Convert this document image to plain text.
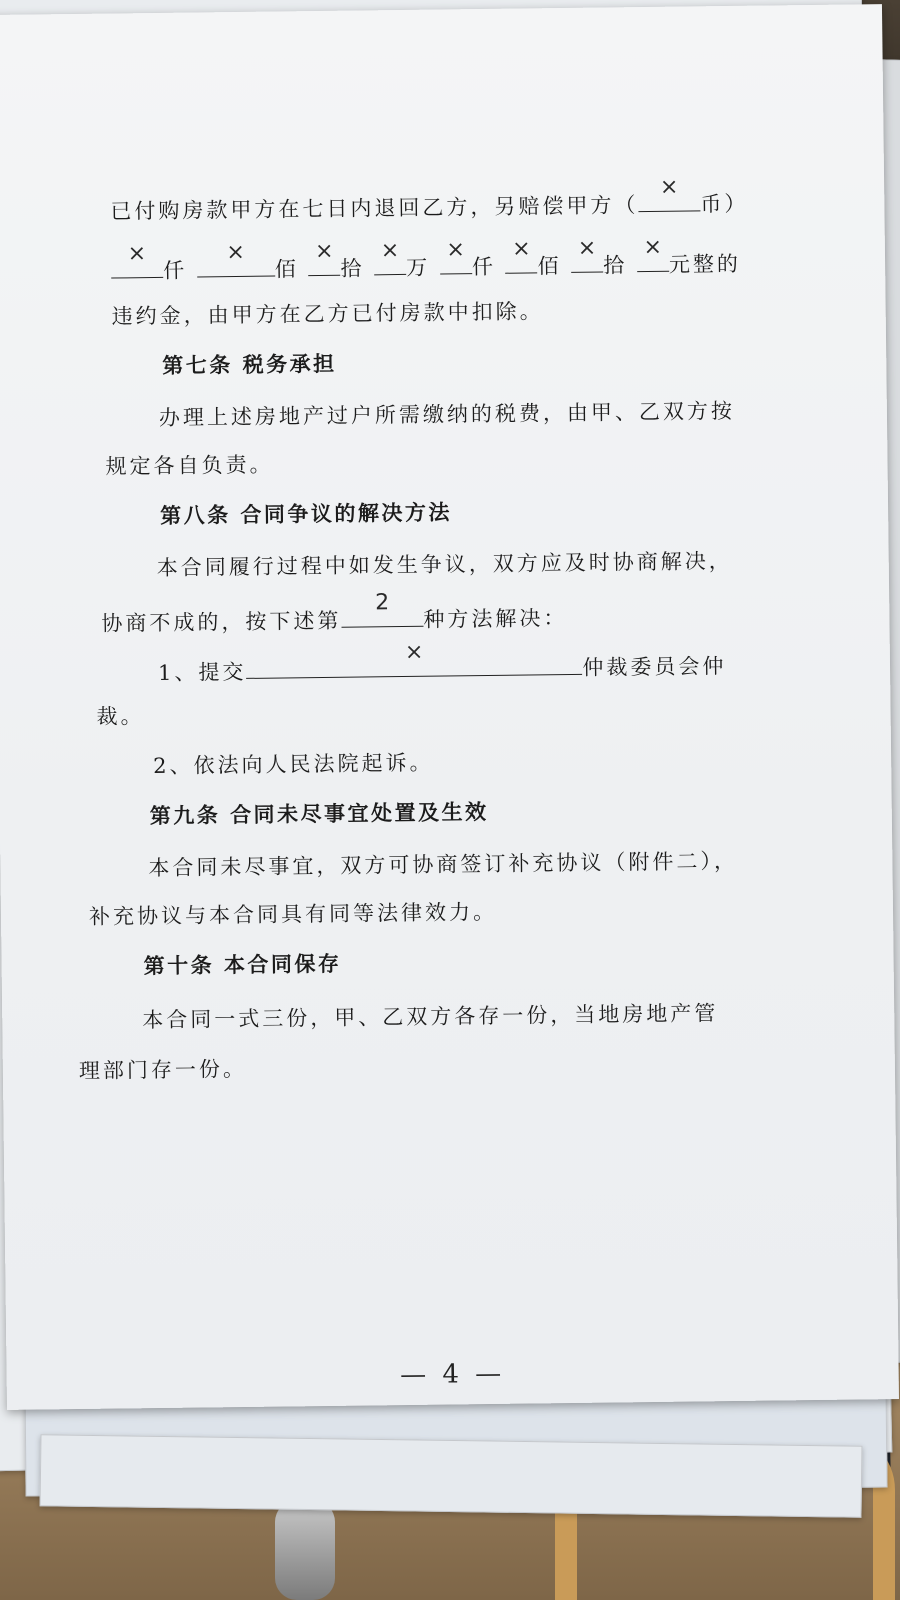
已付购房款甲方在七日内退回乙方，另赔偿甲方（
×
币）
×
仟
×
佰
×
拾
×
万
×
仟
×
佰
×
拾
×
元整的
违约金，由甲方在乙方已付房款中扣除。
第七条 税务承担
办理上述房地产过户所需缴纳的税费，由甲、乙双方按
规定各自负责。
第八条 合同争议的解决方法
本合同履行过程中如发生争议，双方应及时协商解决，
协商不成的，按下述第
2
种方法解决：
1、提交
×
仲裁委员会仲
裁。
2、依法向人民法院起诉。
第九条 合同未尽事宜处置及生效
本合同未尽事宜，双方可协商签订补充协议（附件二），
补充协议与本合同具有同等法律效力。
第十条 本合同保存
本合同一式三份，甲、乙双方各存一份，当地房地产管
理部门存一份。
— 4 —
